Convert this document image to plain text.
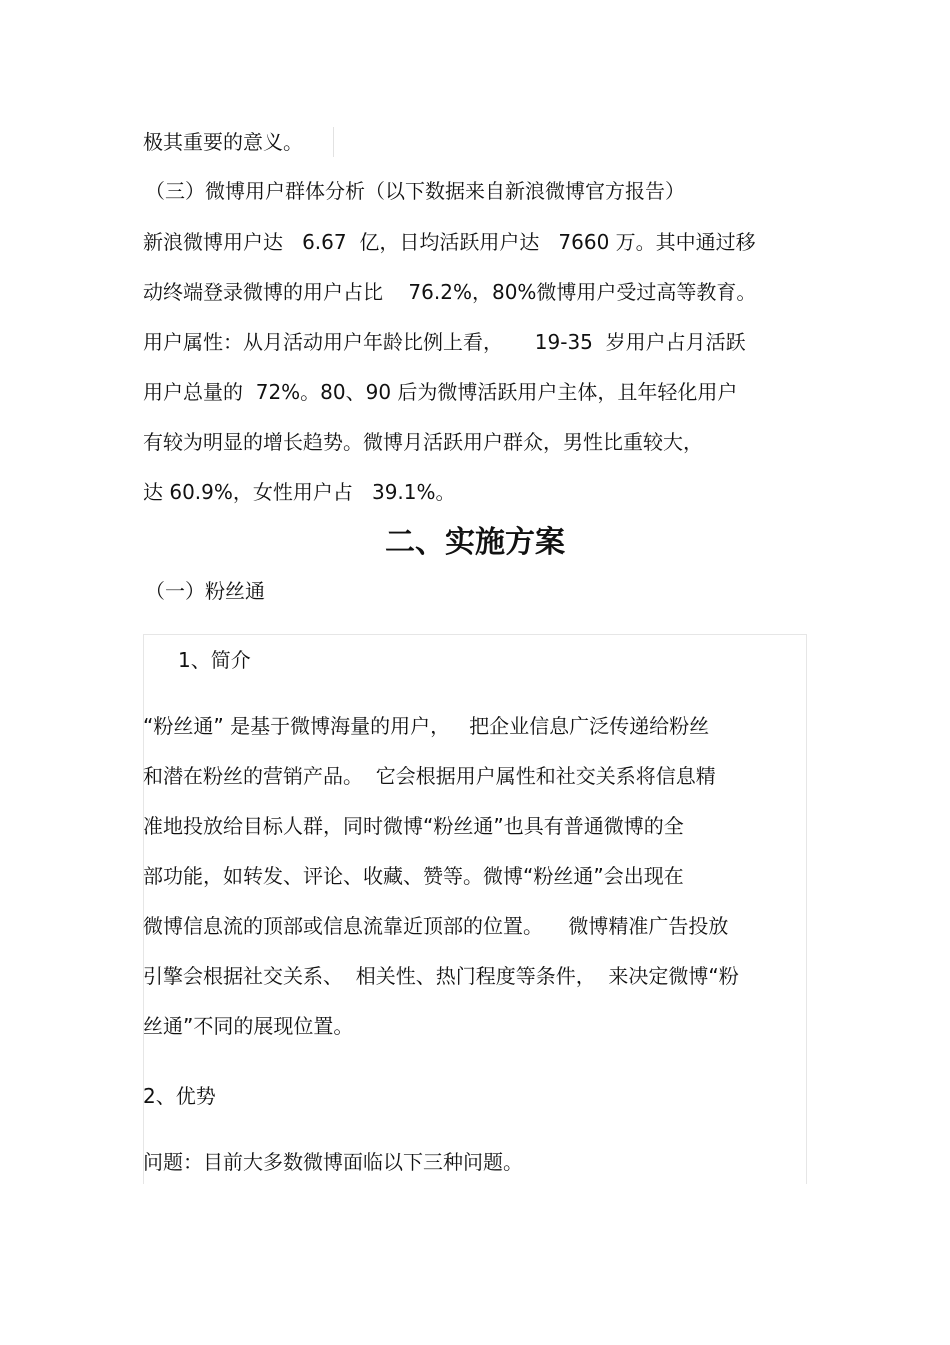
极其重要的意义。

（三）微博用户群体分析（以下数据来自新浪微博官方报告）

新浪微博用户达   6.67  亿，日均活跃用户达   7660 万。其中通过移

动终端登录微博的用户占比    76.2%，80%微博用户受过高等教育。

用户属性：从月活动用户年龄比例上看，     19-35  岁用户占月活跃

用户总量的  72%。80、90 后为微博活跃用户主体，且年轻化用户

有较为明显的增长趋势。微博月活跃用户群众，男性比重较大，

达 60.9%，女性用户占   39.1%。

二、实施方案

（一）粉丝通

1、简介

“粉丝通” 是基于微博海量的用户，   把企业信息广泛传递给粉丝

和潜在粉丝的营销产品。  它会根据用户属性和社交关系将信息精

准地投放给目标人群，同时微博“粉丝通”也具有普通微博的全

部功能，如转发、评论、收藏、赞等。微博“粉丝通”会出现在

微博信息流的顶部或信息流靠近顶部的位置。    微博精准广告投放

引擎会根据社交关系、  相关性、热门程度等条件，  来决定微博“粉

丝通”不同的展现位置。

2、优势

问题：目前大多数微博面临以下三种问题。
